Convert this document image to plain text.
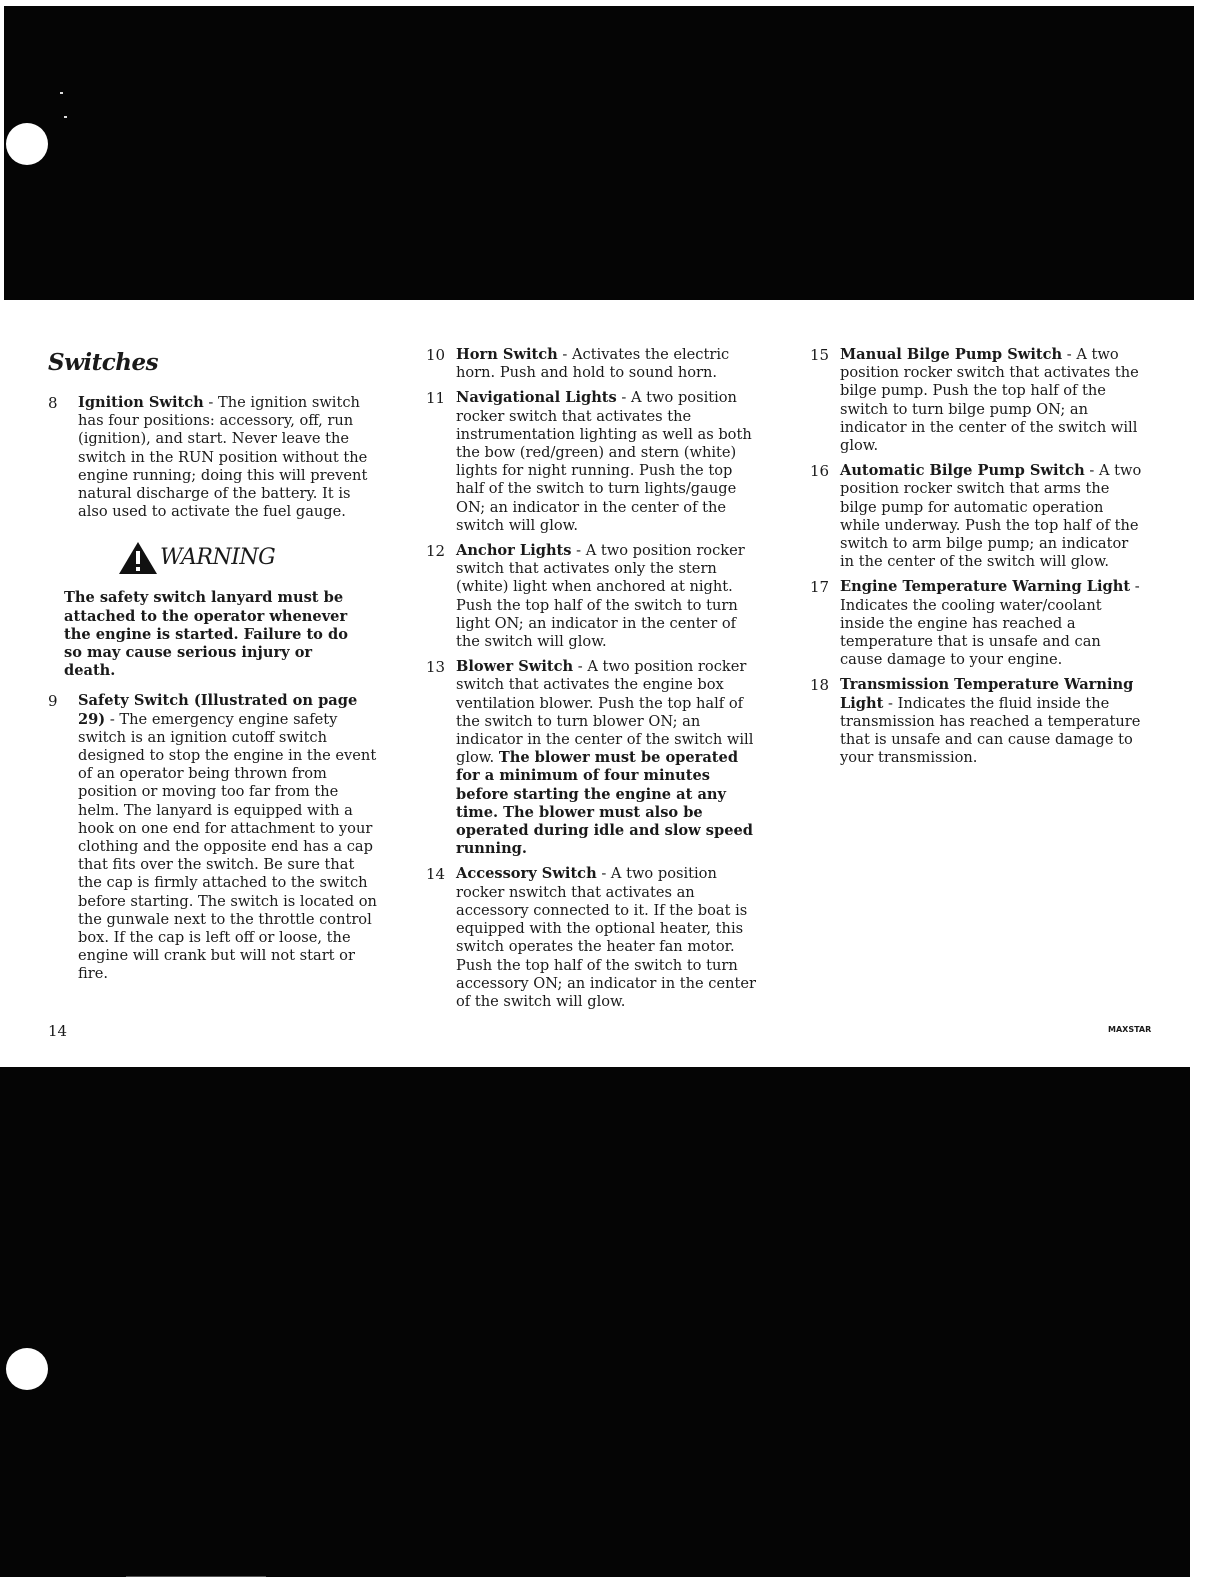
Switches
8	Ignition Switch - The ignition switch has four positions: accessory, off, run (ignition), and start. Never leave the switch in the RUN position without the engine running; doing this will prevent natural discharge of the battery. It is also used to activate the fuel gauge.
WARNING
The safety switch lanyard must be attached to the operator whenever the engine is started. Failure to do so may cause serious injury or death.
9	Safety Switch (Illustrated on page 29) - The emergency engine safety switch is an ignition cutoff switch designed to stop the engine in the event of an operator being thrown from position or moving too far from the helm. The lanyard is equipped with a hook on one end for attachment to your clothing and the opposite end has a cap that fits over the switch. Be sure that the cap is firmly attached to the switch before starting. The switch is located on the gunwale next to the throttle control box. If the cap is left off or loose, the engine will crank but will not start or fire.
10 Horn Switch - Activates the electric horn. Push and hold to sound horn.
11 Navigational Lights - A two position rocker switch that activates the instrumentation lighting as well as both the bow (red/green) and stern (white) lights for night running. Push the top half of the switch to turn lights/gauge ON; an indicator in the center of the switch will glow.
12 Anchor Lights - A two position rocker switch that activates only the stern (white) light when anchored at night. Push the top half of the switch to turn light ON; an indicator in the center of the switch will glow.
13 Blower Switch - A two position rocker switch that activates the engine box ventilation blower. Push the top half of the switch to turn blower ON; an indicator in the center of the switch will glow. The blower must be operated for a minimum of four minutes before starting the engine at any time. The blower must also be operated during idle and slow speed running.
14 Accessory Switch - A two position rocker nswitch that activates an accessory connected to it. If the boat is equipped with the optional heater, this switch operates the heater fan motor. Push the top half of the switch to turn accessory ON; an indicator in the center of the switch will glow.
15 Manual Bilge Pump Switch - A two position rocker switch that activates the bilge pump. Push the top half of the switch to turn bilge pump ON; an indicator in the center of the switch will glow.
16 Automatic Bilge Pump Switch - A two position rocker switch that arms the bilge pump for automatic operation while underway. Push the top half of the switch to arm bilge pump; an indicator in the center of the switch will glow.
17 Engine Temperature Warning Light - Indicates the cooling water/coolant inside the engine has reached a temperature that is unsafe and can cause damage to your engine.
18 Transmission Temperature Warning Light - Indicates the fluid inside the transmission has reached a temperature that is unsafe and can cause damage to your transmission.
14	MAXSTAR
